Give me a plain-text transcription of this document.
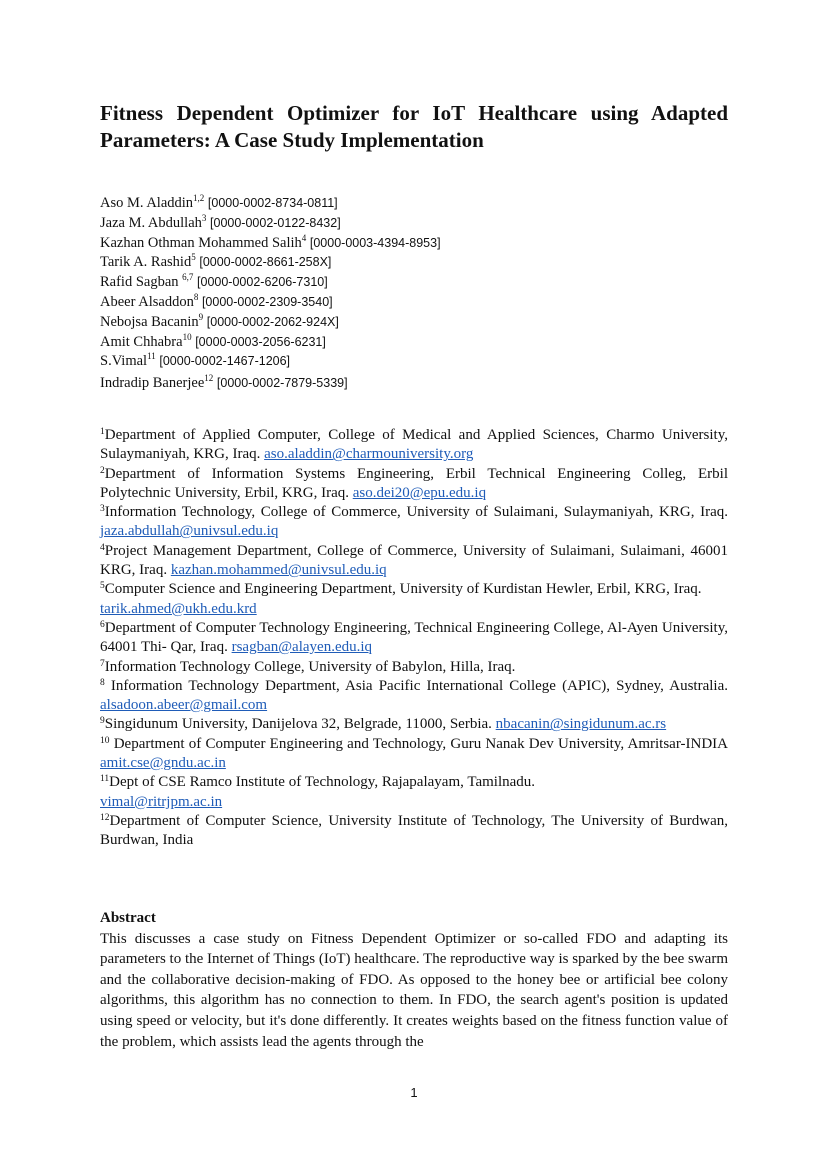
Fitness Dependent Optimizer for IoT Healthcare using Adapted Parameters: A Case Study Implementation
Aso M. Aladdin$^{1,2}$ [0000-0002-8734-0811]
Jaza M. Abdullah$^3$ [0000-0002-0122-8432]
Kazhan Othman Mohammed Salih$^4$ [0000-0003-4394-8953]
Tarik A. Rashid$^5$ [0000-0002-8661-258X]
Rafid Sagban $^{6,7}$ [0000-0002-6206-7310]
Abeer Alsaddon$^8$ [0000-0002-2309-3540]
Nebojsa Bacanin$^9$ [0000-0002-2062-924X]
Amit Chhabra$^{10}$ [0000-0003-2056-6231]
S.Vimal$^{11}$ [0000-0002-1467-1206]
Indradip Banerjee$^{12}$ [0000-0002-7879-5339]
$^1$Department of Applied Computer, College of Medical and Applied Sciences, Charmo University, Sulaymaniyah, KRG, Iraq. aso.aladdin@charmouniversity.org
$^2$Department of Information Systems Engineering, Erbil Technical Engineering Colleg, Erbil Polytechnic University, Erbil, KRG, Iraq. aso.dei20@epu.edu.iq
$^3$Information Technology, College of Commerce, University of Sulaimani, Sulaymaniyah, KRG, Iraq. jaza.abdullah@univsul.edu.iq
$^4$Project Management Department, College of Commerce, University of Sulaimani, Sulaimani, 46001 KRG, Iraq. kazhan.mohammed@univsul.edu.iq
$^5$Computer Science and Engineering Department, University of Kurdistan Hewler, Erbil, KRG, Iraq.
tarik.ahmed@ukh.edu.krd
$^6$Department of Computer Technology Engineering, Technical Engineering College, Al-Ayen University, 64001 Thi- Qar, Iraq. rsagban@alayen.edu.iq
$^7$Information Technology College, University of Babylon, Hilla, Iraq.
$^8$ Information Technology Department, Asia Pacific International College (APIC), Sydney, Australia. alsadoon.abeer@gmail.com
$^9$Singidunum University, Danijelova 32, Belgrade, 11000, Serbia. nbacanin@singidunum.ac.rs
$^{10}$ Department of Computer Engineering and Technology, Guru Nanak Dev University, Amritsar-INDIA amit.cse@gndu.ac.in
$^{11}$Dept of CSE Ramco Institute of Technology, Rajapalayam, Tamilnadu.
vimal@ritrjpm.ac.in
$^{12}$Department of Computer Science, University Institute of Technology, The University of Burdwan, Burdwan, India

Abstract

This discusses a case study on Fitness Dependent Optimizer or so-called FDO and adapting its parameters to the Internet of Things (IoT) healthcare. The reproductive way is sparked by the bee swarm and the collaborative decision-making of FDO. As opposed to the honey bee or artificial bee colony algorithms, this algorithm has no connection to them. In FDO, the search agent's position is updated using speed or velocity, but it's done differently. It creates weights based on the fitness function value of the problem, which assists lead the agents through the

1
